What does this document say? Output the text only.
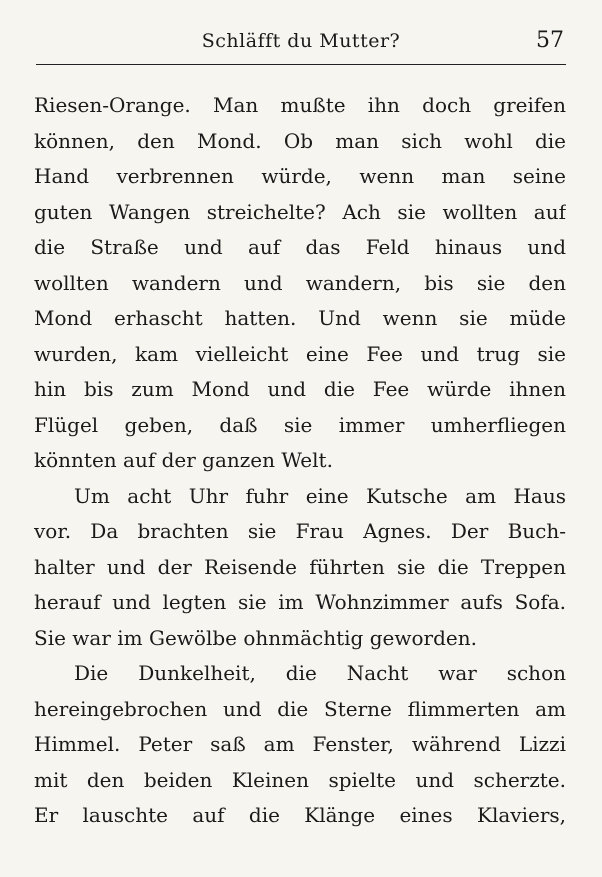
Schläfft du Mutter?	57
Riesen-Orange. Man mußte ihn doch greifen
können, den Mond. Ob man sich wohl die
Hand verbrennen würde, wenn man seine
guten Wangen streichelte? Ach sie wollten auf
die Straße und auf das Feld hinaus und
wollten wandern und wandern, bis sie den
Mond erhascht hatten. Und wenn sie müde
wurden, kam vielleicht eine Fee und trug sie
hin bis zum Mond und die Fee würde ihnen
Flügel geben, daß sie immer umherfliegen
könnten auf der ganzen Welt.
Um acht Uhr fuhr eine Kutsche am Haus
vor. Da brachten sie Frau Agnes. Der Buch-
halter und der Reisende führten sie die Treppen
herauf und legten sie im Wohnzimmer aufs Sofa.
Sie war im Gewölbe ohnmächtig geworden.
Die Dunkelheit, die Nacht war schon
hereingebrochen und die Sterne flimmerten am
Himmel. Peter saß am Fenster, während Lizzi
mit den beiden Kleinen spielte und scherzte.
Er lauschte auf die Klänge eines Klaviers,
